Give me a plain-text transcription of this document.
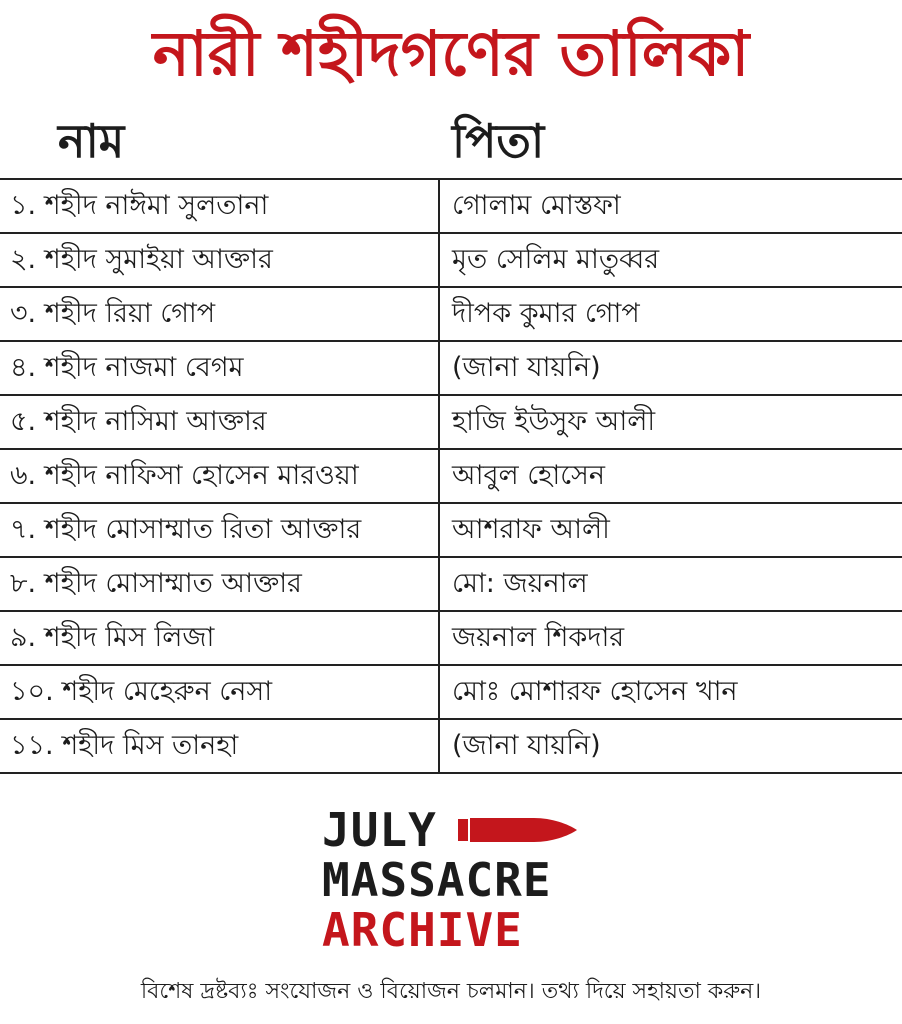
নারী শহীদগণের তালিকা
নাম	পিতা
১. শহীদ নাঈমা সুলতানা	গোলাম মোস্তফা
২. শহীদ সুমাইয়া আক্তার	মৃত সেলিম মাতুব্বর
৩. শহীদ রিয়া গোপ	দীপক কুমার গোপ
৪. শহীদ নাজমা বেগম	(জানা যায়নি)
৫. শহীদ নাসিমা আক্তার	হাজি ইউসুফ আলী
৬. শহীদ নাফিসা হোসেন মারওয়া	আবুল হোসেন
৭. শহীদ মোসাম্মাত রিতা আক্তার	আশরাফ আলী
৮. শহীদ মোসাম্মাত আক্তার	মো: জয়নাল
৯. শহীদ মিস লিজা	জয়নাল শিকদার
১০. শহীদ মেহেরুন নেসা	মোঃ মোশারফ হোসেন খান
১১. শহীদ মিস তানহা	(জানা যায়নি)
JULY
MASSACRE
ARCHIVE
বিশেষ দ্রষ্টব্যঃ সংযোজন ও বিয়োজন চলমান। তথ্য দিয়ে সহায়তা করুন।
